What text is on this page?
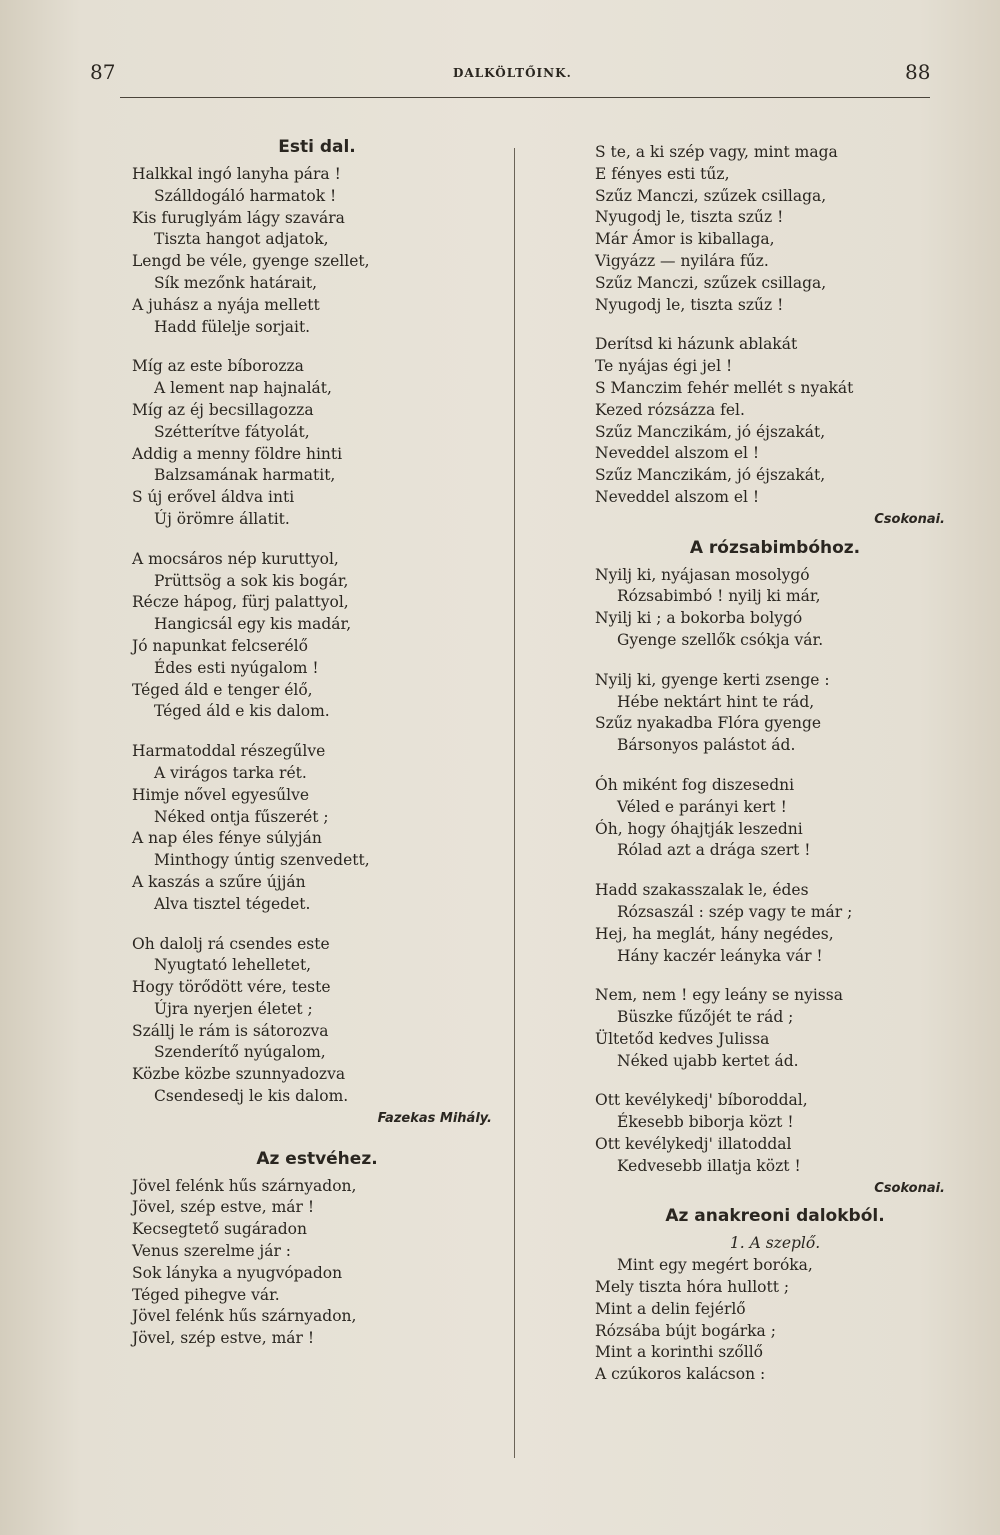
87	DALKÖLTŐINK.	88
Esti dal.
Halkkal ingó lanyha pára !
Szálldogáló harmatok !
Kis furuglyám lágy szavára
Tiszta hangot adjatok,
Lengd be véle, gyenge szellet,
Sík mezőnk határait,
A juhász a nyája mellett
Hadd fülelje sorjait.
Míg az este bíborozza
A lement nap hajnalát,
Míg az éj becsillagozza
Szétterítve fátyolát,
Addig a menny földre hinti
Balzsamának harmatit,
S új erővel áldva inti
Új örömre állatit.
A mocsáros nép kuruttyol,
Prüttsög a sok kis bogár,
Récze hápog, fürj palattyol,
Hangicsál egy kis madár,
Jó napunkat felcserélő
Édes esti nyúgalom !
Téged áld e tenger élő,
Téged áld e kis dalom.
Harmatoddal részegűlve
A virágos tarka rét.
Himje nővel egyesűlve
Néked ontja fűszerét ;
A nap éles fénye súlyján
Minthogy úntig szenvedett,
A kaszás a szűre újján
Alva tisztel tégedet.
Oh dalolj rá csendes este
Nyugtató lehelletet,
Hogy törődött vére, teste
Újra nyerjen életet ;
Szállj le rám is sátorozva
Szenderítő nyúgalom,
Közbe közbe szunnyadozva
Csendesedj le kis dalom.
Fazekas Mihály.
Az estvéhez.
Jövel felénk hűs szárnyadon,
Jövel, szép estve, már !
Kecsegtető sugáradon
Venus szerelme jár :
Sok lányka a nyugvópadon
Téged pihegve vár.
Jövel felénk hűs szárnyadon,
Jövel, szép estve, már !
S te, a ki szép vagy, mint maga
E fényes esti tűz,
Szűz Manczi, szűzek csillaga,
Nyugodj le, tiszta szűz !
Már Ámor is kiballaga,
Vigyázz — nyilára fűz.
Szűz Manczi, szűzek csillaga,
Nyugodj le, tiszta szűz !
Derítsd ki házunk ablakát
Te nyájas égi jel !
S Manczim fehér mellét s nyakát
Kezed rózsázza fel.
Szűz Manczikám, jó éjszakát,
Neveddel alszom el !
Szűz Manczikám, jó éjszakát,
Neveddel alszom el !
Csokonai.
A rózsabimbóhoz.
Nyilj ki, nyájasan mosolygó
Rózsabimbó ! nyilj ki már,
Nyilj ki ; a bokorba bolygó
Gyenge szellők csókja vár.
Nyilj ki, gyenge kerti zsenge :
Hébe nektárt hint te rád,
Szűz nyakadba Flóra gyenge
Bársonyos palástot ád.
Óh miként fog diszesedni
Véled e parányi kert !
Óh, hogy óhajtják leszedni
Rólad azt a drága szert !
Hadd szakasszalak le, édes
Rózsaszál : szép vagy te már ;
Hej, ha meglát, hány negédes,
Hány kaczér leányka vár !
Nem, nem ! egy leány se nyissa
Büszke fűzőjét te rád ;
Ültetőd kedves Julissa
Néked ujabb kertet ád.
Ott kevélykedj' bíboroddal,
Ékesebb biborja közt !
Ott kevélykedj' illatoddal
Kedvesebb illatja közt !
Csokonai.
Az anakreoni dalokból.
1. A szeplő.
Mint egy megért boróka,
Mely tiszta hóra hullott ;
Mint a delin fejérlő
Rózsába bújt bogárka ;
Mint a korinthi szőllő
A czúkoros kalácson :
